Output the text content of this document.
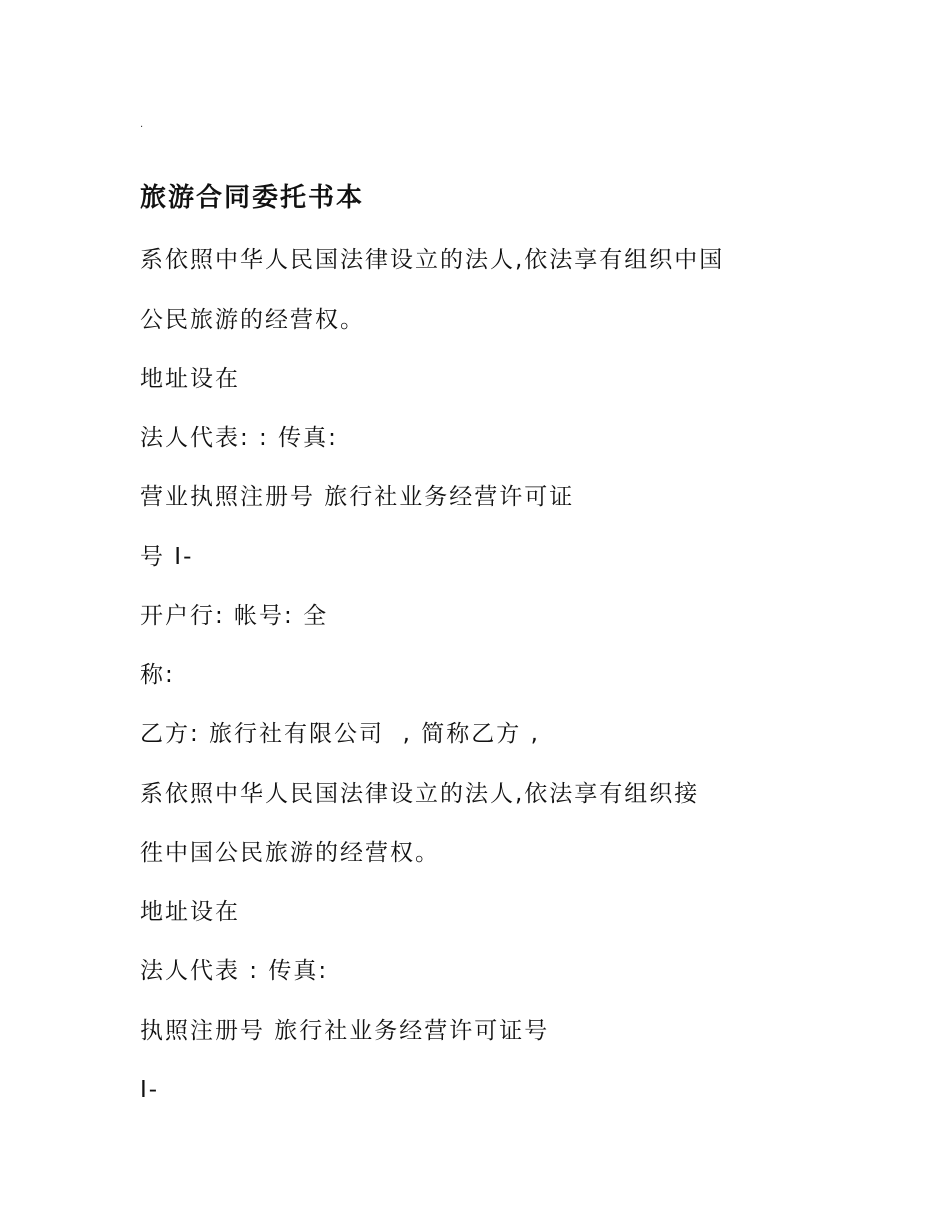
.
旅游合同委托书本
系依照中华人民国法律设立的法人,依法享有组织中国
公民旅游的经营权。
地址设在
法人代表: : 传真:
营业执照注册号 旅行社业务经营许可证
号 I-
开户行: 帐号: 全
称:
乙方: 旅行社有限公司  , 简称乙方 ,
系依照中华人民国法律设立的法人,依法享有组织接
徃中国公民旅游的经营权。
地址设在
法人代表 : 传真:
执照注册号 旅行社业务经营许可证号
I-
